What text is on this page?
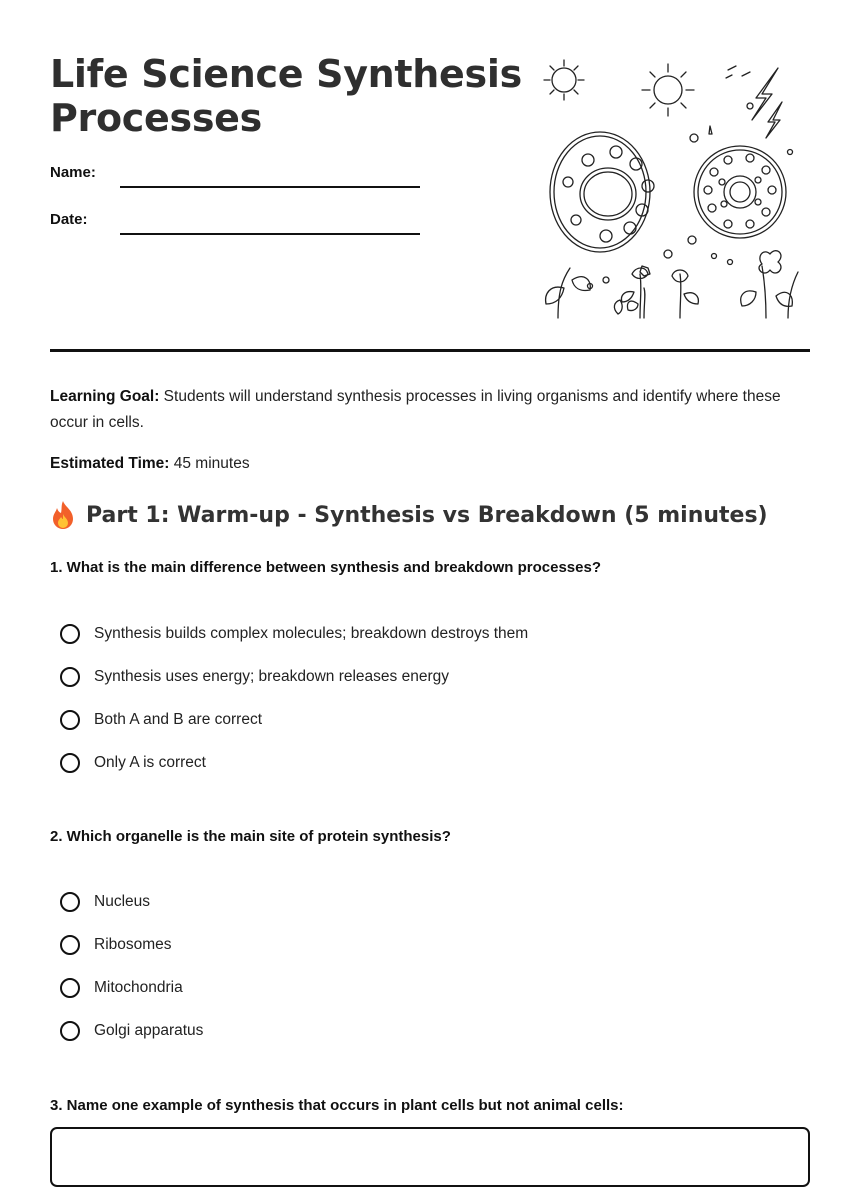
Life Science Synthesis
Processes
Name:
Date:

Learning Goal: Students will understand synthesis processes in living organisms and identify where these occur in cells.

Estimated Time: 45 minutes

Part 1: Warm-up - Synthesis vs Breakdown (5 minutes)

1. What is the main difference between synthesis and breakdown processes?

Synthesis builds complex molecules; breakdown destroys them
Synthesis uses energy; breakdown releases energy
Both A and B are correct
Only A is correct

2. Which organelle is the main site of protein synthesis?

Nucleus
Ribosomes
Mitochondria
Golgi apparatus

3. Name one example of synthesis that occurs in plant cells but not animal cells:
